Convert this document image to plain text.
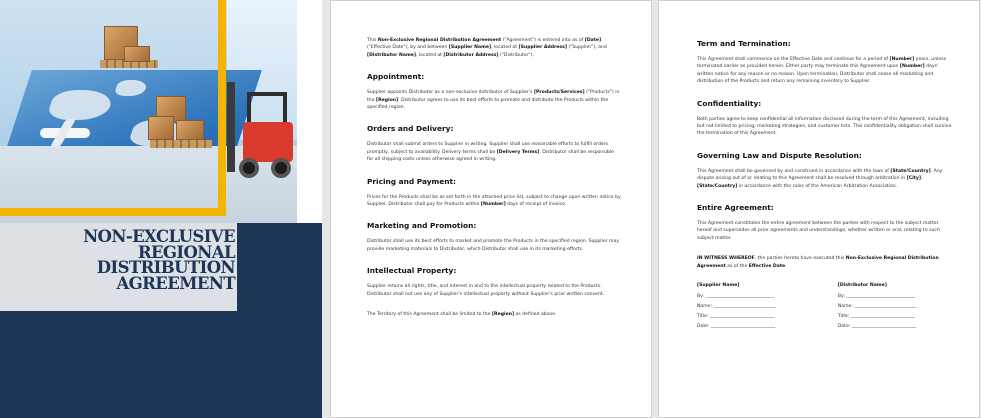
NON-EXCLUSIVE
REGIONAL
DISTRIBUTION
AGREEMENT

This Non-Exclusive Regional Distribution Agreement ("Agreement") is entered into as of [Date] ("Effective Date"), by and between [Supplier Name], located at [Supplier Address] ("Supplier"), and [Distributor Name], located at [Distributor Address] ("Distributor").

Appointment:

Supplier appoints Distributor as a non-exclusive distributor of Supplier's [Products/Services] ("Products") in the [Region]. Distributor agrees to use its best efforts to promote and distribute the Products within the specified region.

Orders and Delivery:

Distributor shall submit orders to Supplier in writing. Supplier shall use reasonable efforts to fulfill orders promptly, subject to availability. Delivery terms shall be [Delivery Terms]. Distributor shall be responsible for all shipping costs unless otherwise agreed in writing.

Pricing and Payment:

Prices for the Products shall be as set forth in the attached price list, subject to change upon written notice by Supplier. Distributor shall pay for Products within [Number] days of receipt of invoice.

Marketing and Promotion:

Distributor shall use its best efforts to market and promote the Products in the specified region. Supplier may provide marketing materials to Distributor, which Distributor shall use in its marketing efforts.

Intellectual Property:

Supplier retains all rights, title, and interest in and to the intellectual property related to the Products. Distributor shall not use any of Supplier's intellectual property without Supplier's prior written consent.

The Territory of this Agreement shall be limited to the [Region] as defined above.

Term and Termination:

This Agreement shall commence on the Effective Date and continue for a period of [Number] years, unless terminated earlier as provided herein. Either party may terminate this Agreement upon [Number] days' written notice for any reason or no reason. Upon termination, Distributor shall cease all marketing and distribution of the Products and return any remaining inventory to Supplier.

Confidentiality:

Both parties agree to keep confidential all information disclosed during the term of this Agreement, including but not limited to pricing, marketing strategies, and customer lists. This confidentiality obligation shall survive the termination of this Agreement.

Governing Law and Dispute Resolution:

This Agreement shall be governed by and construed in accordance with the laws of [State/Country]. Any dispute arising out of or relating to this Agreement shall be resolved through arbitration in [City], [State/Country] in accordance with the rules of the American Arbitration Association.

Entire Agreement:

This Agreement constitutes the entire agreement between the parties with respect to the subject matter hereof and supersedes all prior agreements and understandings, whether written or oral, relating to such subject matter.

IN WITNESS WHEREOF, the parties hereto have executed this Non-Exclusive Regional Distribution Agreement as of the Effective Date.

[Supplier Name]
By: ______________________________
Name: ___________________________
Title: ____________________________
Date: ____________________________
[Distributor Name]
By: ______________________________
Name: ___________________________
Title: ____________________________
Date: ____________________________
